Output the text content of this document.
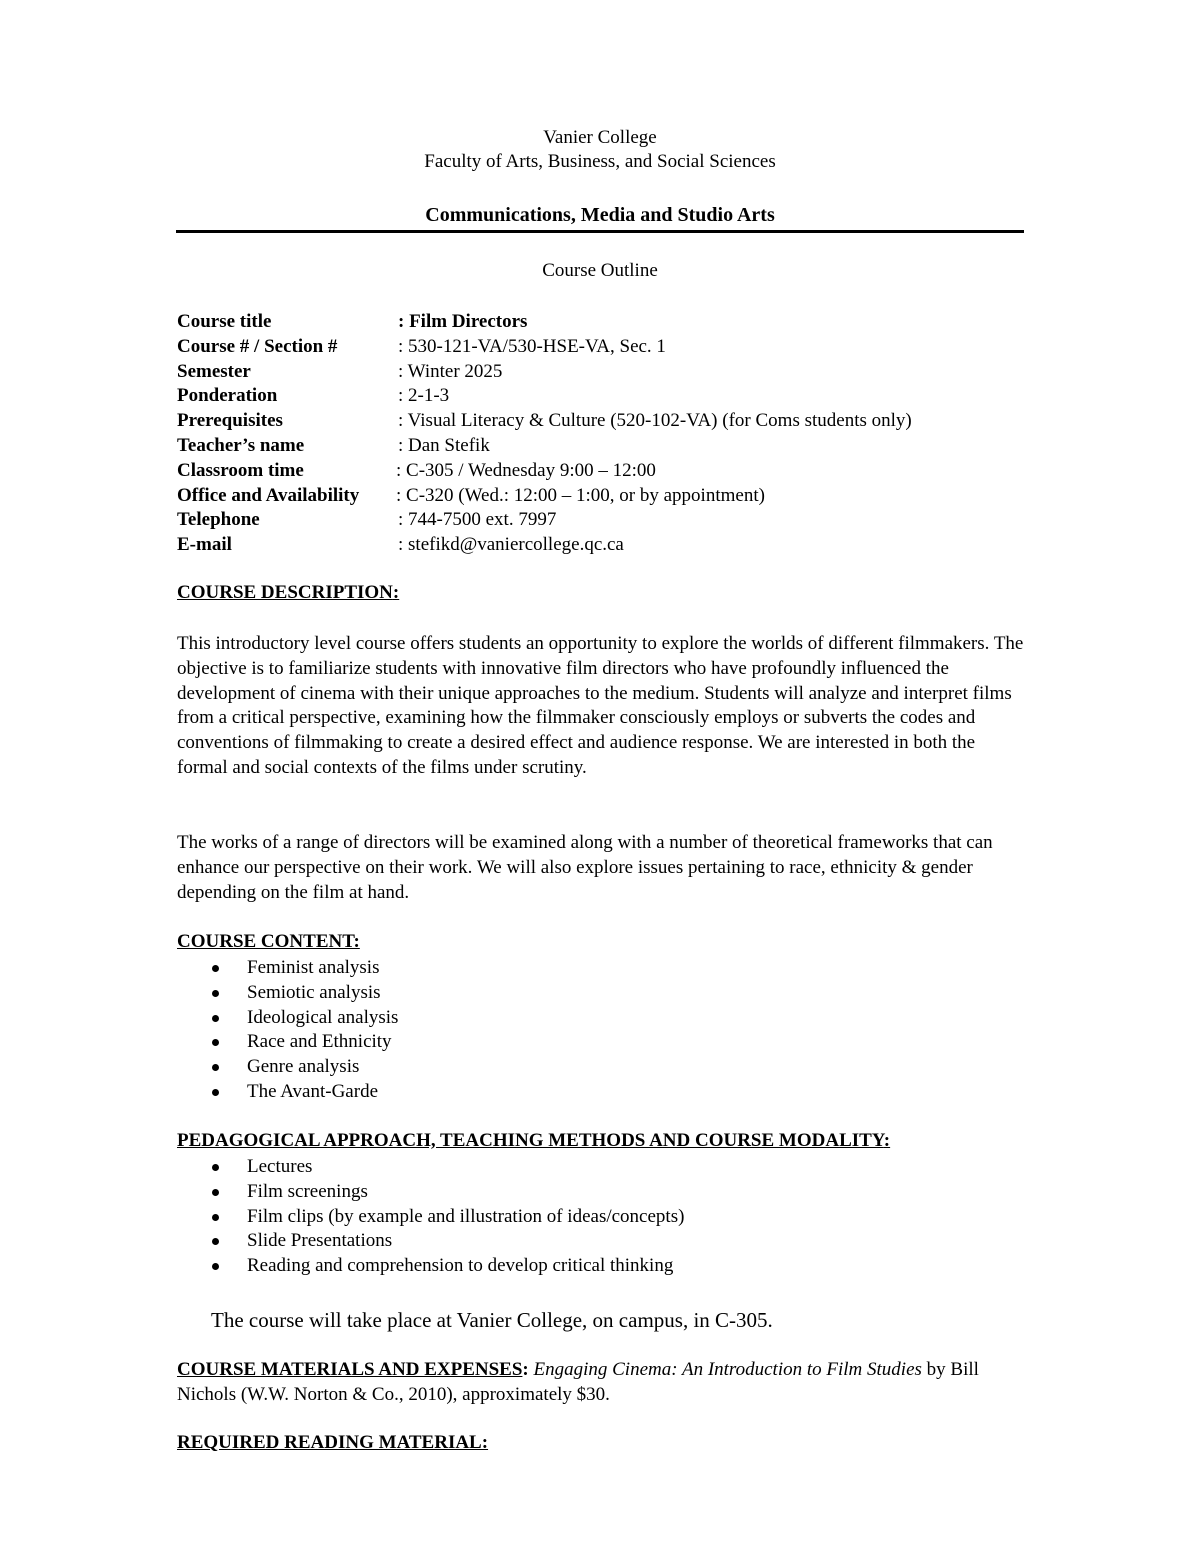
Vanier College
Faculty of Arts, Business, and Social Sciences
Communications, Media and Studio Arts
Course Outline
Course title	: Film Directors
Course # / Section #	: 530-121-VA/530-HSE-VA, Sec. 1
Semester	: Winter 2025
Ponderation	: 2-1-3
Prerequisites	: Visual Literacy & Culture (520-102-VA) (for Coms students only)
Teacher’s name	: Dan Stefik
Classroom time	: C-305 / Wednesday 9:00 – 12:00
Office and Availability : C-320 (Wed.: 12:00 – 1:00, or by appointment)
Telephone	: 744-7500 ext. 7997
E-mail	: stefikd@vaniercollege.qc.ca
COURSE DESCRIPTION:
This introductory level course offers students an opportunity to explore the worlds of different filmmakers. The objective is to familiarize students with innovative film directors who have profoundly influenced the development of cinema with their unique approaches to the medium. Students will analyze and interpret films from a critical perspective, examining how the filmmaker consciously employs or subverts the codes and conventions of filmmaking to create a desired effect and audience response. We are interested in both the formal and social contexts of the films under scrutiny.
The works of a range of directors will be examined along with a number of theoretical frameworks that can enhance our perspective on their work. We will also explore issues pertaining to race, ethnicity & gender depending on the film at hand.
COURSE CONTENT:
Feminist analysis
Semiotic analysis
Ideological analysis
Race and Ethnicity
Genre analysis
The Avant-Garde
PEDAGOGICAL APPROACH, TEACHING METHODS AND COURSE MODALITY:
Lectures
Film screenings
Film clips (by example and illustration of ideas/concepts)
Slide Presentations
Reading and comprehension to develop critical thinking
The course will take place at Vanier College, on campus, in C-305.
COURSE MATERIALS AND EXPENSES: Engaging Cinema: An Introduction to Film Studies by Bill Nichols (W.W. Norton & Co., 2010), approximately $30.
REQUIRED READING MATERIAL:
